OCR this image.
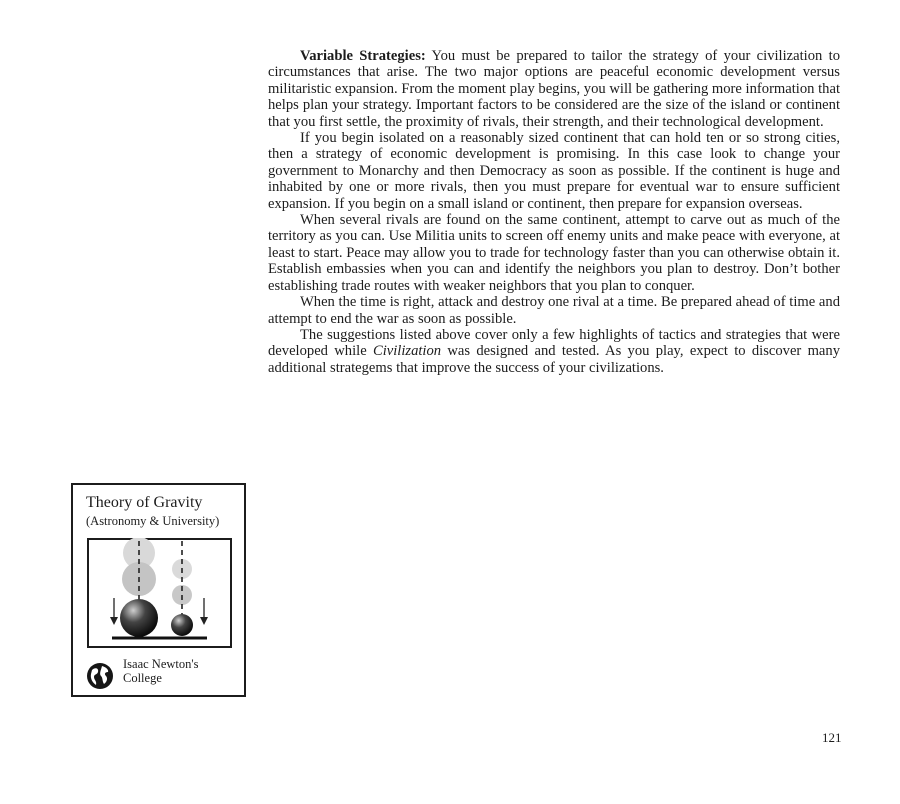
Variable Strategies: You must be prepared to tailor the strategy of your civilization to circumstances that arise. The two major options are peaceful economic development versus militaristic expansion. From the moment play begins, you will be gathering more information that helps plan your strategy. Important factors to be considered are the size of the island or continent that you first settle, the proximity of rivals, their strength, and their technological development.

If you begin isolated on a reasonably sized continent that can hold ten or so strong cities, then a strategy of economic development is promising. In this case look to change your government to Monarchy and then Democracy as soon as possible. If the continent is huge and inhabited by one or more rivals, then you must prepare for eventual war to ensure sufficient expansion. If you begin on a small island or continent, then prepare for expansion overseas.

When several rivals are found on the same continent, attempt to carve out as much of the territory as you can. Use Militia units to screen off enemy units and make peace with everyone, at least to start. Peace may allow you to trade for technology faster than you can otherwise obtain it. Establish embassies when you can and identify the neighbors you plan to destroy. Don’t bother establishing trade routes with weaker neighbors that you plan to conquer.

When the time is right, attack and destroy one rival at a time. Be prepared ahead of time and attempt to end the war as soon as possible.

The suggestions listed above cover only a few highlights of tactics and strategies that were developed while Civilization was designed and tested. As you play, expect to discover many additional strategems that improve the success of your civilizations.

Theory of Gravity
(Astronomy & University)
Isaac Newton's College
121
